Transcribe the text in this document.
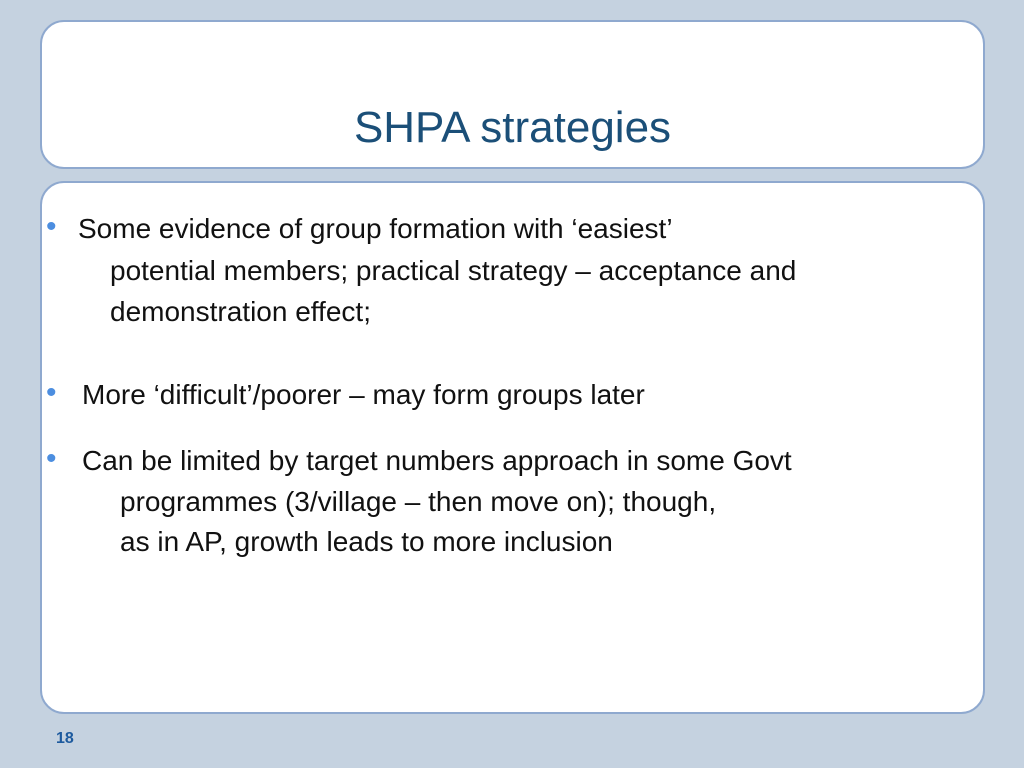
SHPA strategies
• Some evidence of group formation with ‘easiest’
potential members; practical strategy – acceptance and
demonstration effect;
• More ‘difficult’/poorer – may form groups later
• Can be limited by target numbers approach in some Govt
programmes (3/village – then move on); though,
as in AP, growth leads to more inclusion
18
